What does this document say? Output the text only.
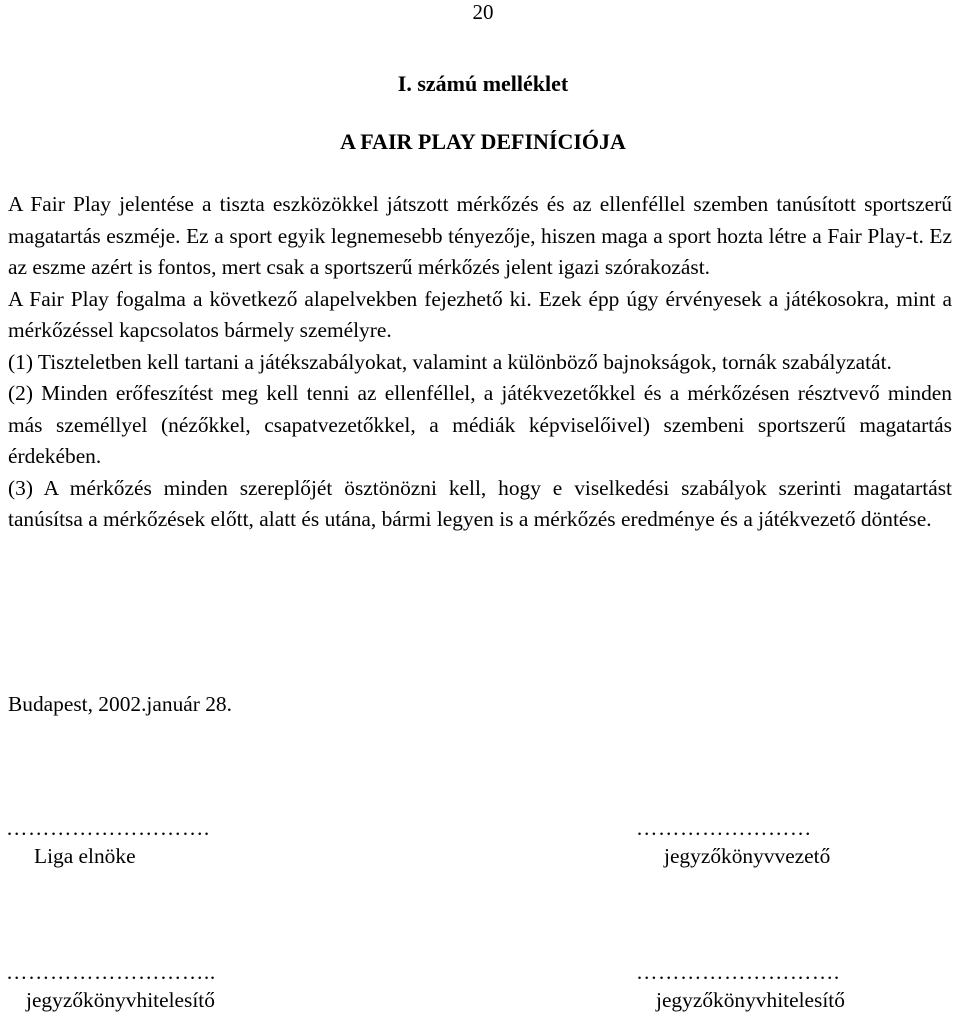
20
I. számú melléklet
A FAIR PLAY DEFINÍCIÓJA

A Fair Play jelentése a tiszta eszközökkel játszott mérkőzés és az ellenféllel szemben tanúsított sportszerű magatartás eszméje. Ez a sport egyik legnemesebb tényezője, hiszen maga a sport hozta létre a Fair Play-t. Ez az eszme azért is fontos, mert csak a sportszerű mérkőzés jelent igazi szórakozást.

A Fair Play fogalma a következő alapelvekben fejezhető ki. Ezek épp úgy érvényesek a játékosokra, mint a mérkőzéssel kapcsolatos bármely személyre.

(1) Tiszteletben kell tartani a játékszabályokat, valamint a különböző bajnokságok, tornák szabályzatát.

(2) Minden erőfeszítést meg kell tenni az ellenféllel, a játékvezetőkkel és a mérkőzésen résztvevő minden más személlyel (nézőkkel, csapatvezetőkkel, a médiák képviselőivel) szembeni sportszerű magatartás érdekében.

(3) A mérkőzés minden szereplőjét ösztönözni kell, hogy e viselkedési szabályok szerinti magatartást tanúsítsa a mérkőzések előtt, alatt és utána, bármi legyen is a mérkőzés eredménye és a játékvezető döntése.

Budapest, 2002.január 28.
……………………….
Liga elnöke
……………………
jegyzőkönyvvezető
………………………..
jegyzőkönyvhitelesítő
……………………….
jegyzőkönyvhitelesítő
